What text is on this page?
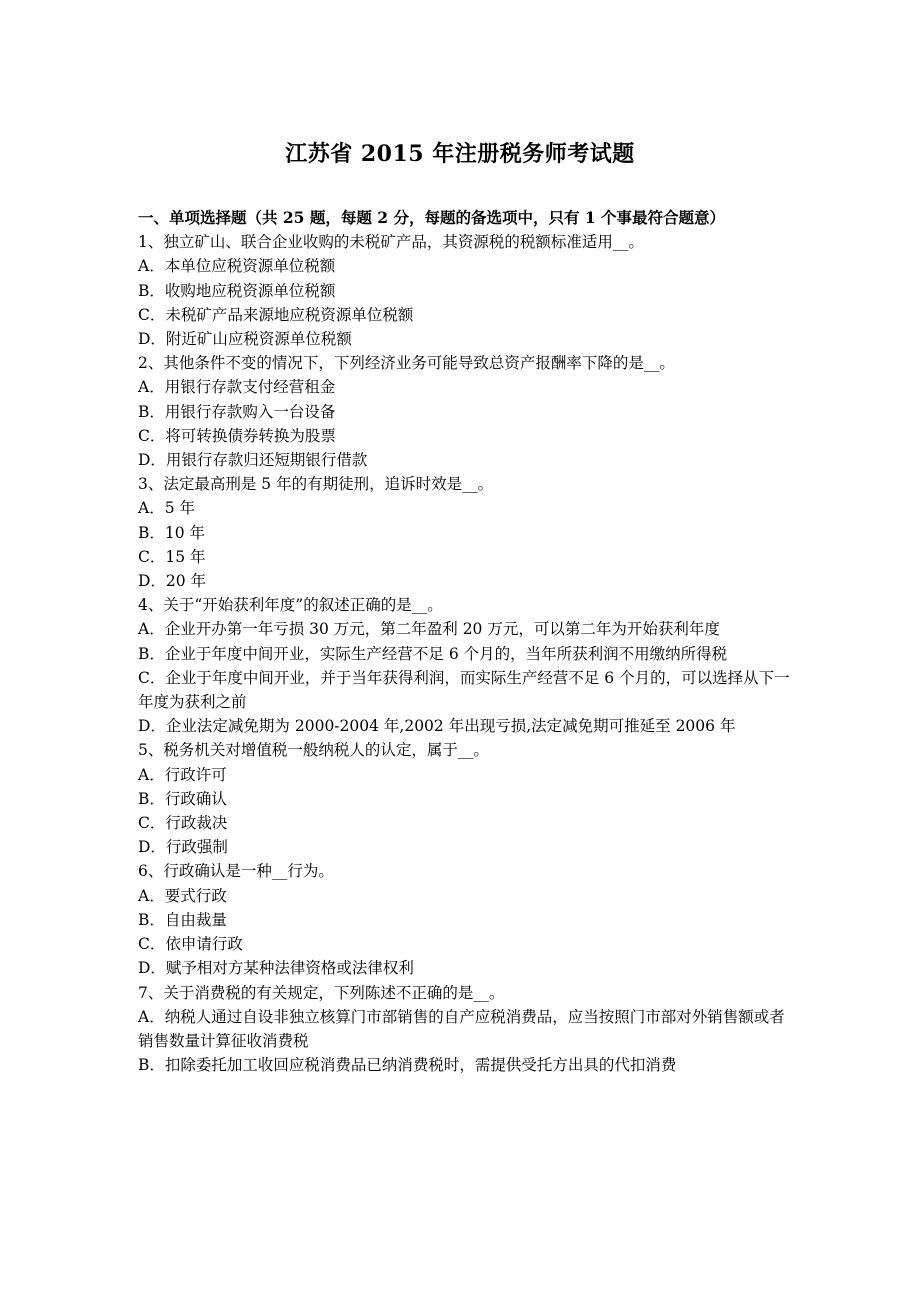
江苏省 2015 年注册税务师考试题

一、单项选择题（共 25 题，每题 2 分，每题的备选项中，只有 1 个事最符合题意）

1、独立矿山、联合企业收购的未税矿产品，其资源税的税额标准适用__。

A．本单位应税资源单位税额

B．收购地应税资源单位税额

C．未税矿产品来源地应税资源单位税额

D．附近矿山应税资源单位税额

2、其他条件不变的情况下，下列经济业务可能导致总资产报酬率下降的是__。

A．用银行存款支付经营租金

B．用银行存款购入一台设备

C．将可转换债券转换为股票

D．用银行存款归还短期银行借款

3、法定最高刑是 5 年的有期徒刑，追诉时效是__。

A．5 年

B．10 年

C．15 年

D．20 年

4、关于“开始获利年度”的叙述正确的是__。

A．企业开办第一年亏损 30 万元，第二年盈利 20 万元，可以第二年为开始获利年度

B．企业于年度中间开业，实际生产经营不足 6 个月的，当年所获利润不用缴纳所得税

C．企业于年度中间开业，并于当年获得利润，而实际生产经营不足 6 个月的，可以选择从下一年度为获利之前

D．企业法定减免期为 2000-2004 年,2002 年出现亏损,法定减免期可推延至 2006 年

5、税务机关对增值税一般纳税人的认定，属于__。

A．行政许可

B．行政确认

C．行政裁决

D．行政强制

6、行政确认是一种__行为。

A．要式行政

B．自由裁量

C．依申请行政

D．赋予相对方某种法律资格或法律权利

7、关于消费税的有关规定，下列陈述不正确的是__。

A．纳税人通过自设非独立核算门市部销售的自产应税消费品，应当按照门市部对外销售额或者销售数量计算征收消费税

B．扣除委托加工收回应税消费品已纳消费税时，需提供受托方出具的代扣消费
